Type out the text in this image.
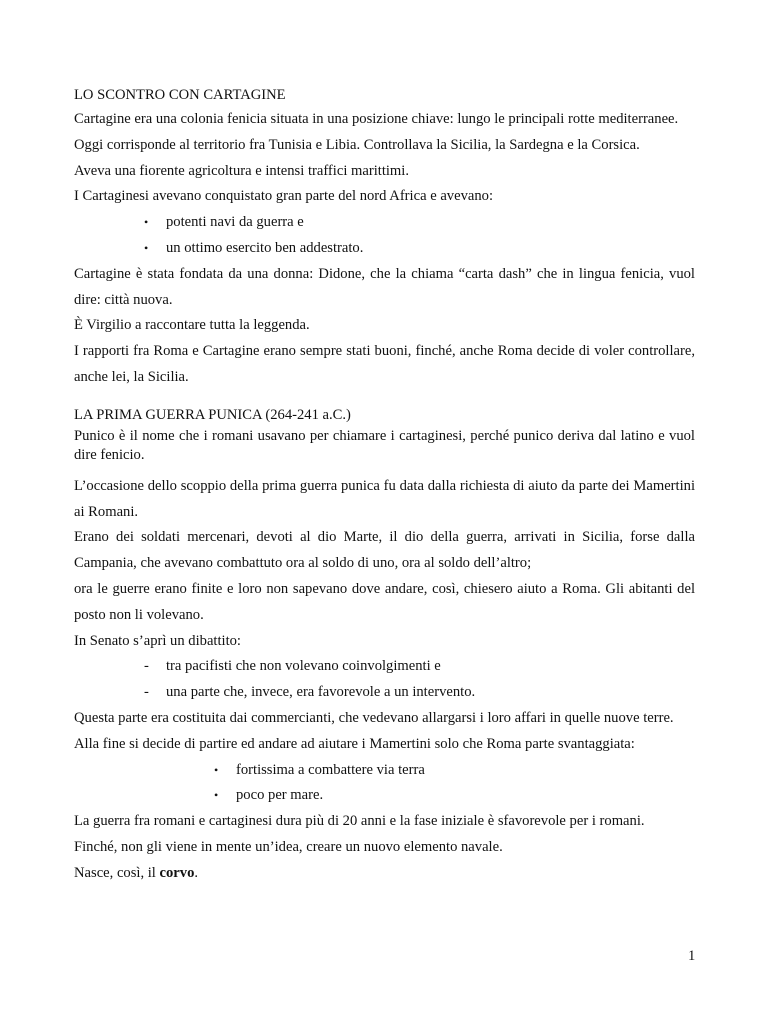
LO SCONTRO CON CARTAGINE

Cartagine era una colonia fenicia situata in una posizione chiave: lungo le principali rotte mediterranee.

Oggi corrisponde al territorio fra Tunisia e Libia. Controllava la Sicilia, la Sardegna e la Corsica.

Aveva una fiorente agricoltura e intensi traffici marittimi.

I Cartaginesi avevano conquistato gran parte del nord Africa e avevano:

• potenti navi da guerra e
• un ottimo esercito ben addestrato.

Cartagine è stata fondata da una donna: Didone, che la chiama “carta dash” che in lingua fenicia, vuol dire: città nuova.

È Virgilio a raccontare tutta la leggenda.

I rapporti fra Roma e Cartagine erano sempre stati buoni, finché, anche Roma decide di voler controllare, anche lei, la Sicilia.

LA PRIMA GUERRA PUNICA (264-241 a.C.)

Punico è il nome che i romani usavano per chiamare i cartaginesi, perché punico deriva dal latino e vuol dire fenicio.

L’occasione dello scoppio della prima guerra punica fu data dalla richiesta di aiuto da parte dei Mamertini ai Romani.

Erano dei soldati mercenari, devoti al dio Marte, il dio della guerra, arrivati in Sicilia, forse dalla Campania, che avevano combattuto ora al soldo di uno, ora al soldo dell’altro;

ora le guerre erano finite e loro non sapevano dove andare, così, chiesero aiuto a Roma. Gli abitanti del posto non li volevano.

In Senato s’aprì un dibattito:

- tra pacifisti che non volevano coinvolgimenti e
- una parte che, invece, era favorevole a un intervento.

Questa parte era costituita dai commercianti, che vedevano allargarsi i loro affari in quelle nuove terre.

Alla fine si decide di partire ed andare ad aiutare i Mamertini solo che Roma parte svantaggiata:

• fortissima a combattere via terra
• poco per mare.

La guerra fra romani e cartaginesi dura più di 20 anni e la fase iniziale è sfavorevole per i romani.

Finché, non gli viene in mente un’idea, creare un nuovo elemento navale.

Nasce, così, il corvo.

1
